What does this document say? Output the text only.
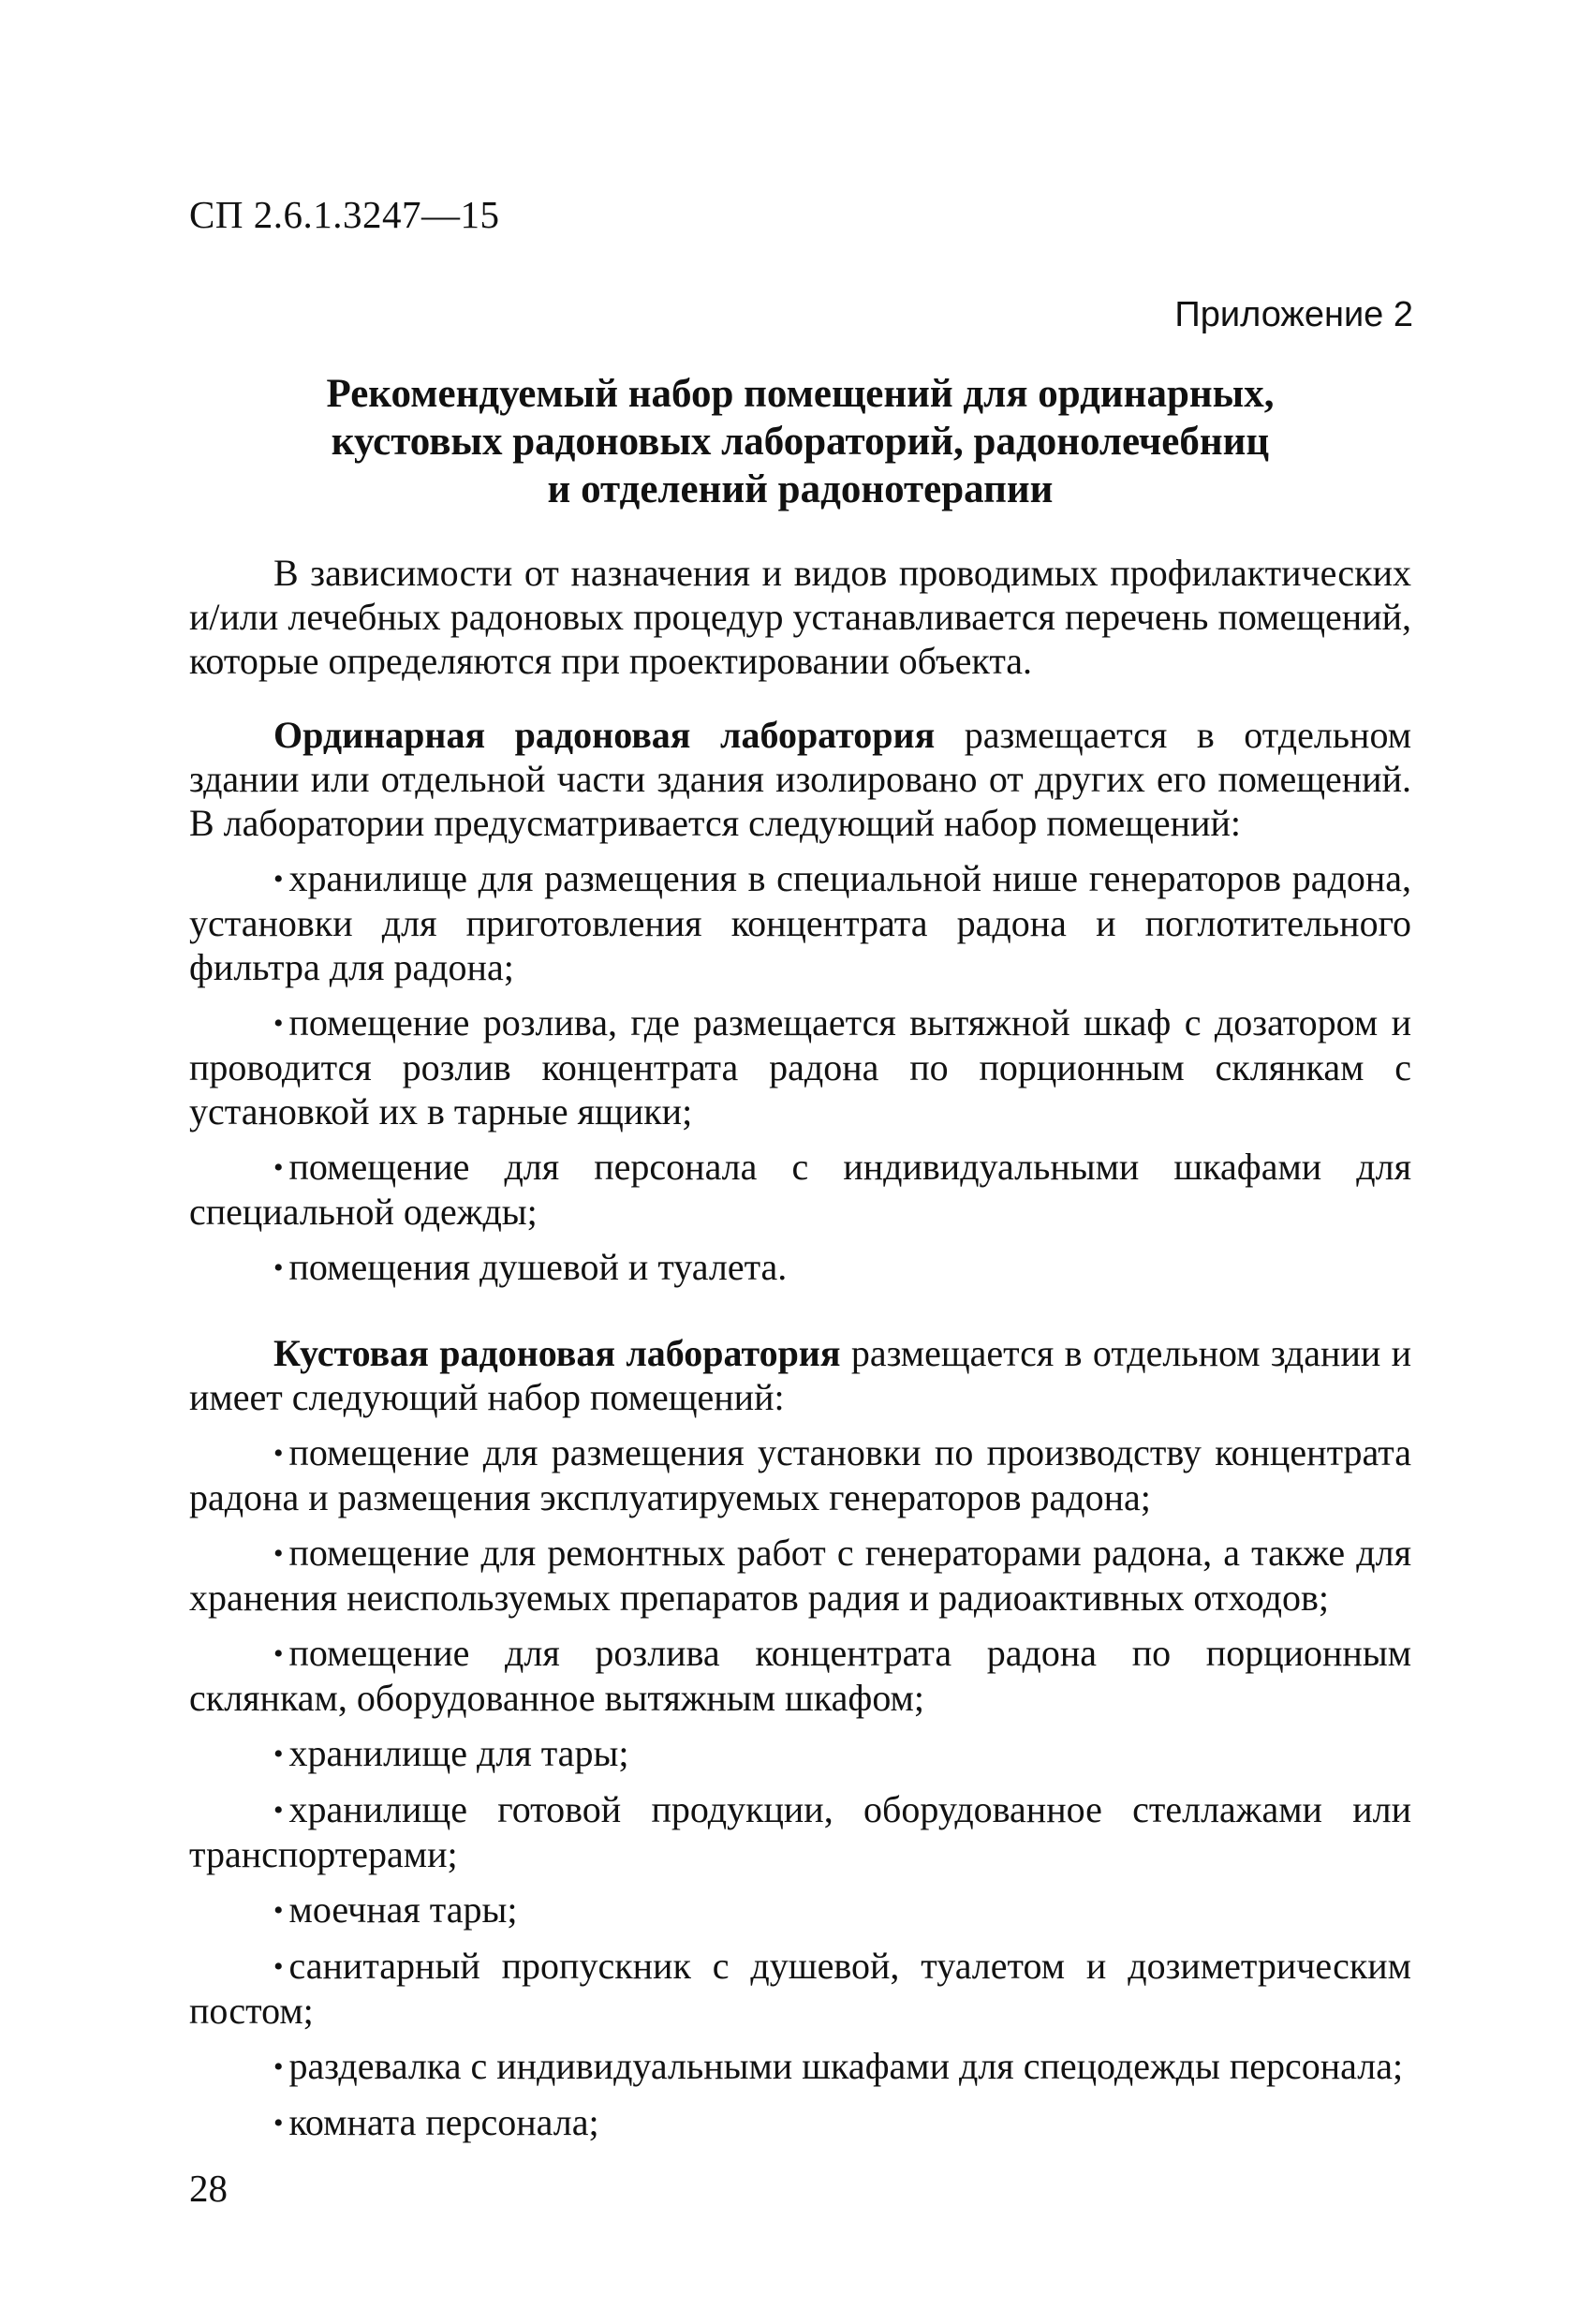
СП 2.6.1.3247—15
Приложение 2
Рекомендуемый набор помещений для ординарных,
кустовых радоновых лабораторий, радонолечебниц
и отделений радонотерапии

В зависимости от назначения и видов проводимых профилактических и/или лечебных радоновых процедур устанавливается перечень помещений, которые определяются при проектировании объекта.

Ординарная радоновая лаборатория размещается в отдельном здании или отдельной части здания изолировано от других его помещений. В лаборатории предусматривается следующий набор помещений:

• хранилище для размещения в специальной нише генераторов радона, установки для приготовления концентрата радона и поглотительного фильтра для радона;

• помещение розлива, где размещается вытяжной шкаф с дозатором и проводится розлив концентрата радона по порционным склянкам с установкой их в тарные ящики;

• помещение для персонала с индивидуальными шкафами для специальной одежды;

• помещения душевой и туалета.

Кустовая радоновая лаборатория размещается в отдельном здании и имеет следующий набор помещений:

• помещение для размещения установки по производству концентрата радона и размещения эксплуатируемых генераторов радона;

• помещение для ремонтных работ с генераторами радона, а также для хранения неиспользуемых препаратов радия и радиоактивных отходов;

• помещение для розлива концентрата радона по порционным склянкам, оборудованное вытяжным шкафом;

• хранилище для тары;

• хранилище готовой продукции, оборудованное стеллажами или транспортерами;

• моечная тары;

• санитарный пропускник с душевой, туалетом и дозиметрическим постом;

• раздевалка с индивидуальными шкафами для спецодежды персонала;

• комната персонала;

28
